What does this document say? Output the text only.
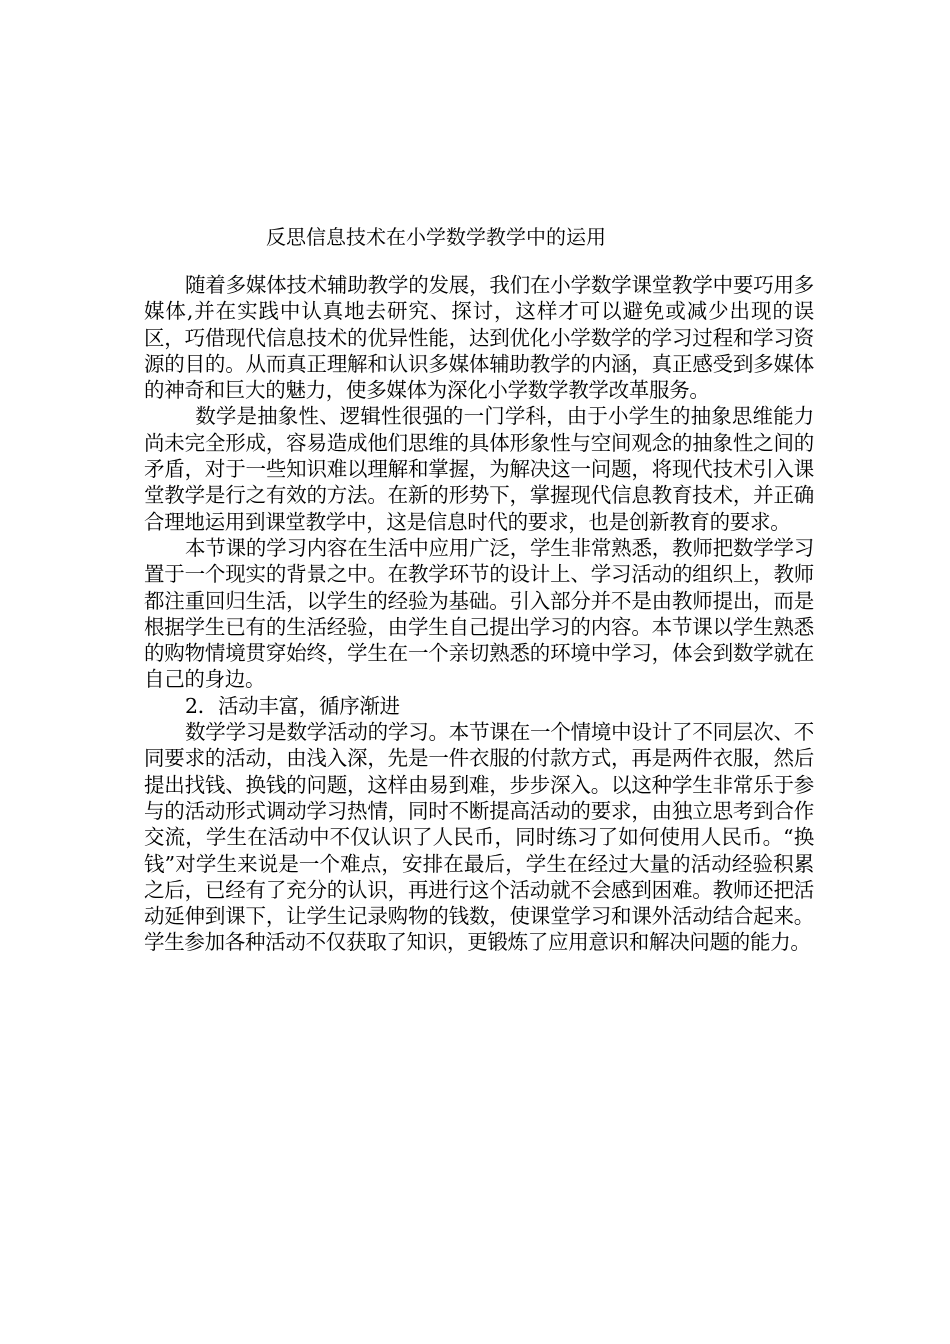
反思信息技术在小学数学教学中的运用

随着多媒体技术辅助教学的发展，我们在小学数学课堂教学中要巧用多媒体,并在实践中认真地去研究、探讨，这样才可以避免或减少出现的误区，巧借现代信息技术的优异性能，达到优化小学数学的学习过程和学习资源的目的。从而真正理解和认识多媒体辅助教学的内涵，真正感受到多媒体的神奇和巨大的魅力，使多媒体为深化小学数学教学改革服务。

数学是抽象性、逻辑性很强的一门学科，由于小学生的抽象思维能力尚未完全形成，容易造成他们思维的具体形象性与空间观念的抽象性之间的矛盾，对于一些知识难以理解和掌握，为解决这一问题，将现代技术引入课堂教学是行之有效的方法。在新的形势下，掌握现代信息教育技术，并正确合理地运用到课堂教学中，这是信息时代的要求，也是创新教育的要求。

本节课的学习内容在生活中应用广泛，学生非常熟悉，教师把数学学习置于一个现实的背景之中。在教学环节的设计上、学习活动的组织上，教师都注重回归生活，以学生的经验为基础。引入部分并不是由教师提出，而是根据学生已有的生活经验，由学生自己提出学习的内容。本节课以学生熟悉的购物情境贯穿始终，学生在一个亲切熟悉的环境中学习，体会到数学就在自己的身边。

2．活动丰富，循序渐进

数学学习是数学活动的学习。本节课在一个情境中设计了不同层次、不同要求的活动，由浅入深，先是一件衣服的付款方式，再是两件衣服，然后提出找钱、换钱的问题，这样由易到难，步步深入。以这种学生非常乐于参与的活动形式调动学习热情，同时不断提高活动的要求，由独立思考到合作交流，学生在活动中不仅认识了人民币，同时练习了如何使用人民币。“换钱”对学生来说是一个难点，安排在最后，学生在经过大量的活动经验积累之后，已经有了充分的认识，再进行这个活动就不会感到困难。教师还把活动延伸到课下，让学生记录购物的钱数，使课堂学习和课外活动结合起来。学生参加各种活动不仅获取了知识，更锻炼了应用意识和解决问题的能力。
